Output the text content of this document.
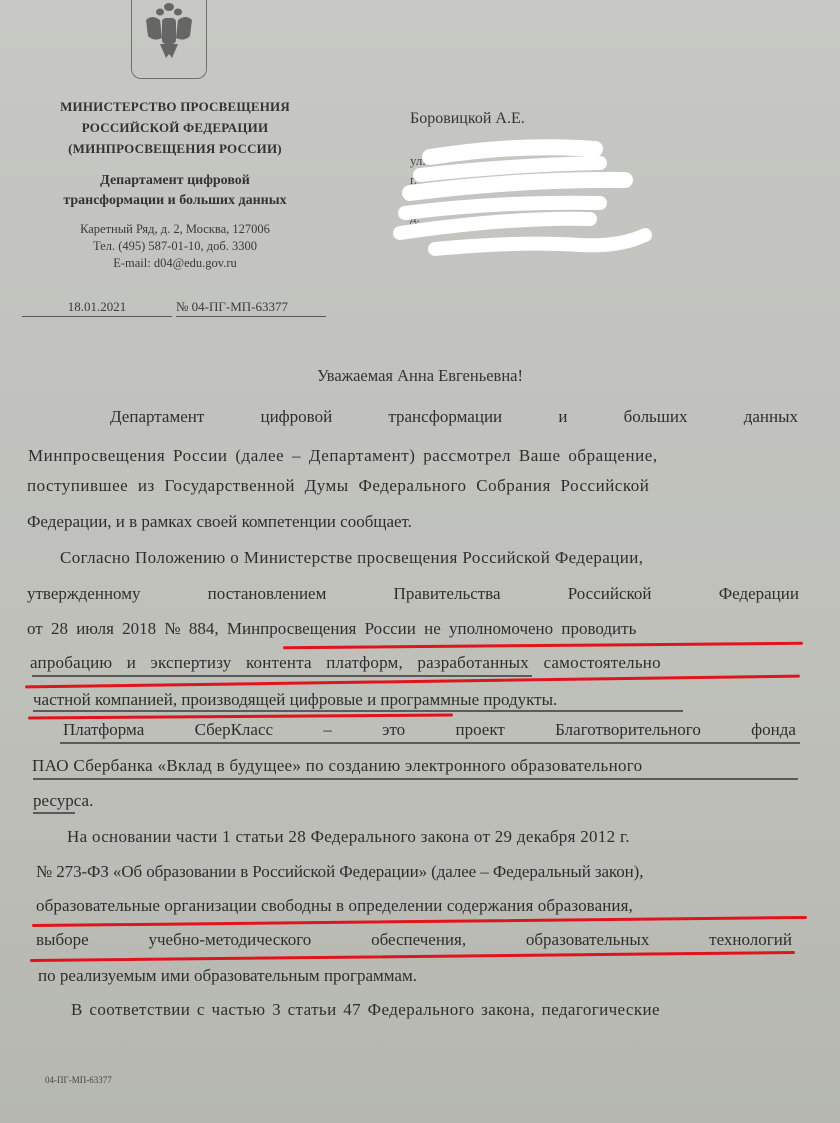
МИНИСТЕРСТВО ПРОСВЕЩЕНИЯ
РОССИЙСКОЙ ФЕДЕРАЦИИ
(МИНПРОСВЕЩЕНИЯ РОССИИ)
Департамент цифровой
трансформации и больших данных
Каретный Ряд, д. 2, Москва, 127006
Тел. (495) 587-01-10, доб. 3300
E-mail: d04@edu.gov.ru
18.01.2021	№ 04-ПГ-МП-63377
Боровицкой А.Е.
ул.
г.
д.
Уважаемая Анна Евгеньевна!
Департамент	цифровой	трансформации	и	больших	данных
Минпросвещения России (далее – Департамент) рассмотрел Ваше обращение,
поступившее из Государственной Думы Федерального Собрания Российской
Федерации, и в рамках своей компетенции сообщает.
Согласно Положению о Министерстве просвещения Российской Федерации,
утвержденному	постановлением	Правительства	Российской	Федерации
от 28 июля 2018 № 884, Минпросвещения России не уполномочено проводить
апробацию и экспертизу контента платформ, разработанных самостоятельно
частной компанией, производящей цифровые и программные продукты.
Платформа	СберКласс	–	это	проект	Благотворительного	фонда
ПАО Сбербанка «Вклад в будущее» по созданию электронного образовательного
ресурса.
На основании части 1 статьи 28 Федерального закона от 29 декабря 2012 г.
№ 273-ФЗ «Об образовании в Российской Федерации» (далее – Федеральный закон),
образовательные организации свободны в определении содержания образования,
выборе	учебно-методического	обеспечения,	образовательных	технологий
по реализуемым ими образовательным программам.
В соответствии с частью 3 статьи 47 Федерального закона, педагогические
04-ПГ-МП-63377
